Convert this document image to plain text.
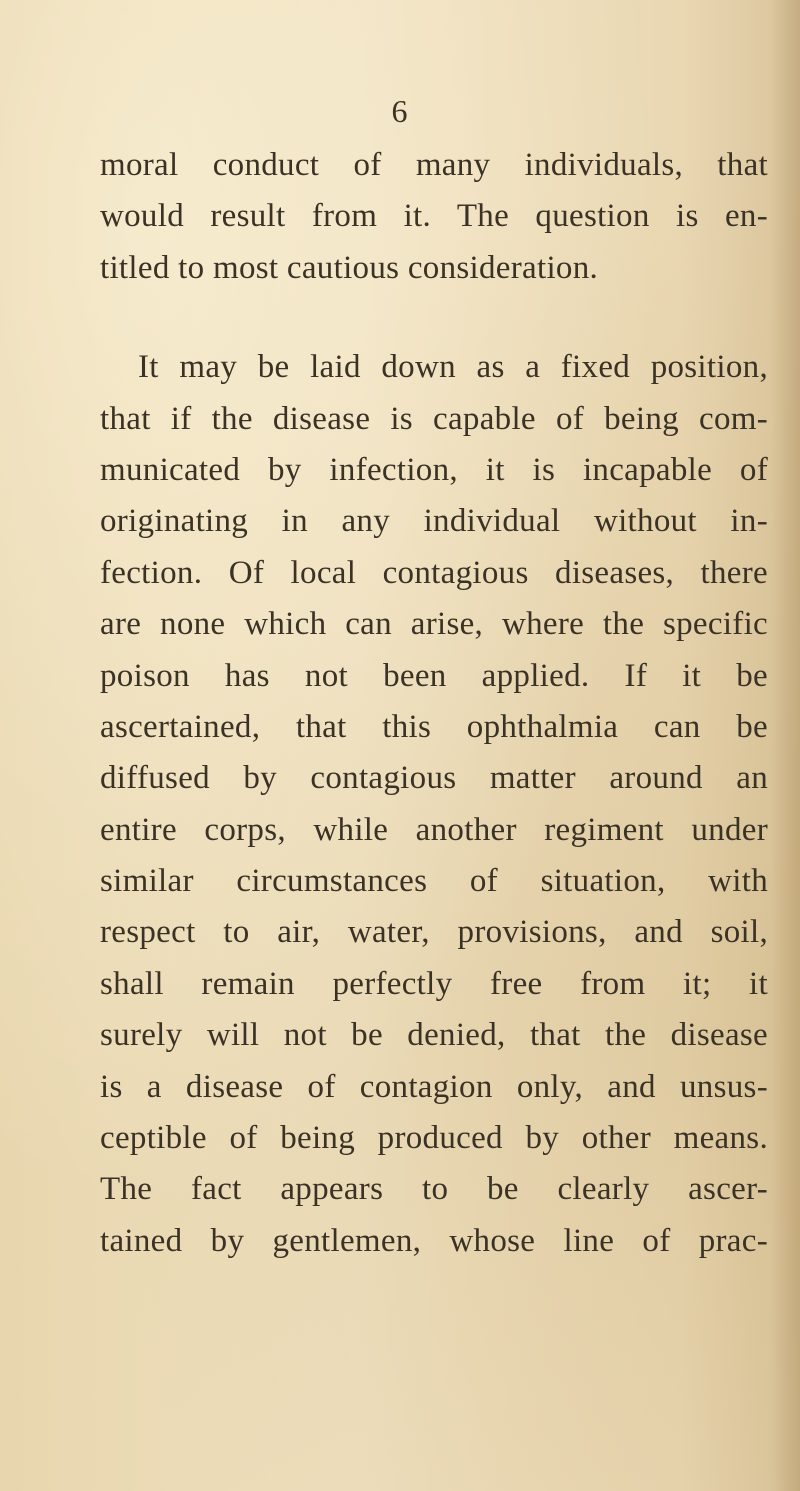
6
moral conduct of many individuals, that
would result from it. The question is en-
titled to most cautious consideration.
It may be laid down as a fixed position,
that if the disease is capable of being com-
municated by infection, it is incapable of
originating in any individual without in-
fection. Of local contagious diseases, there
are none which can arise, where the specific
poison has not been applied. If it be
ascertained, that this ophthalmia can be
diffused by contagious matter around an
entire corps, while another regiment under
similar circumstances of situation, with
respect to air, water, provisions, and soil,
shall remain perfectly free from it; it
surely will not be denied, that the disease
is a disease of contagion only, and unsus-
ceptible of being produced by other means.
The fact appears to be clearly ascer-
tained by gentlemen, whose line of prac-
